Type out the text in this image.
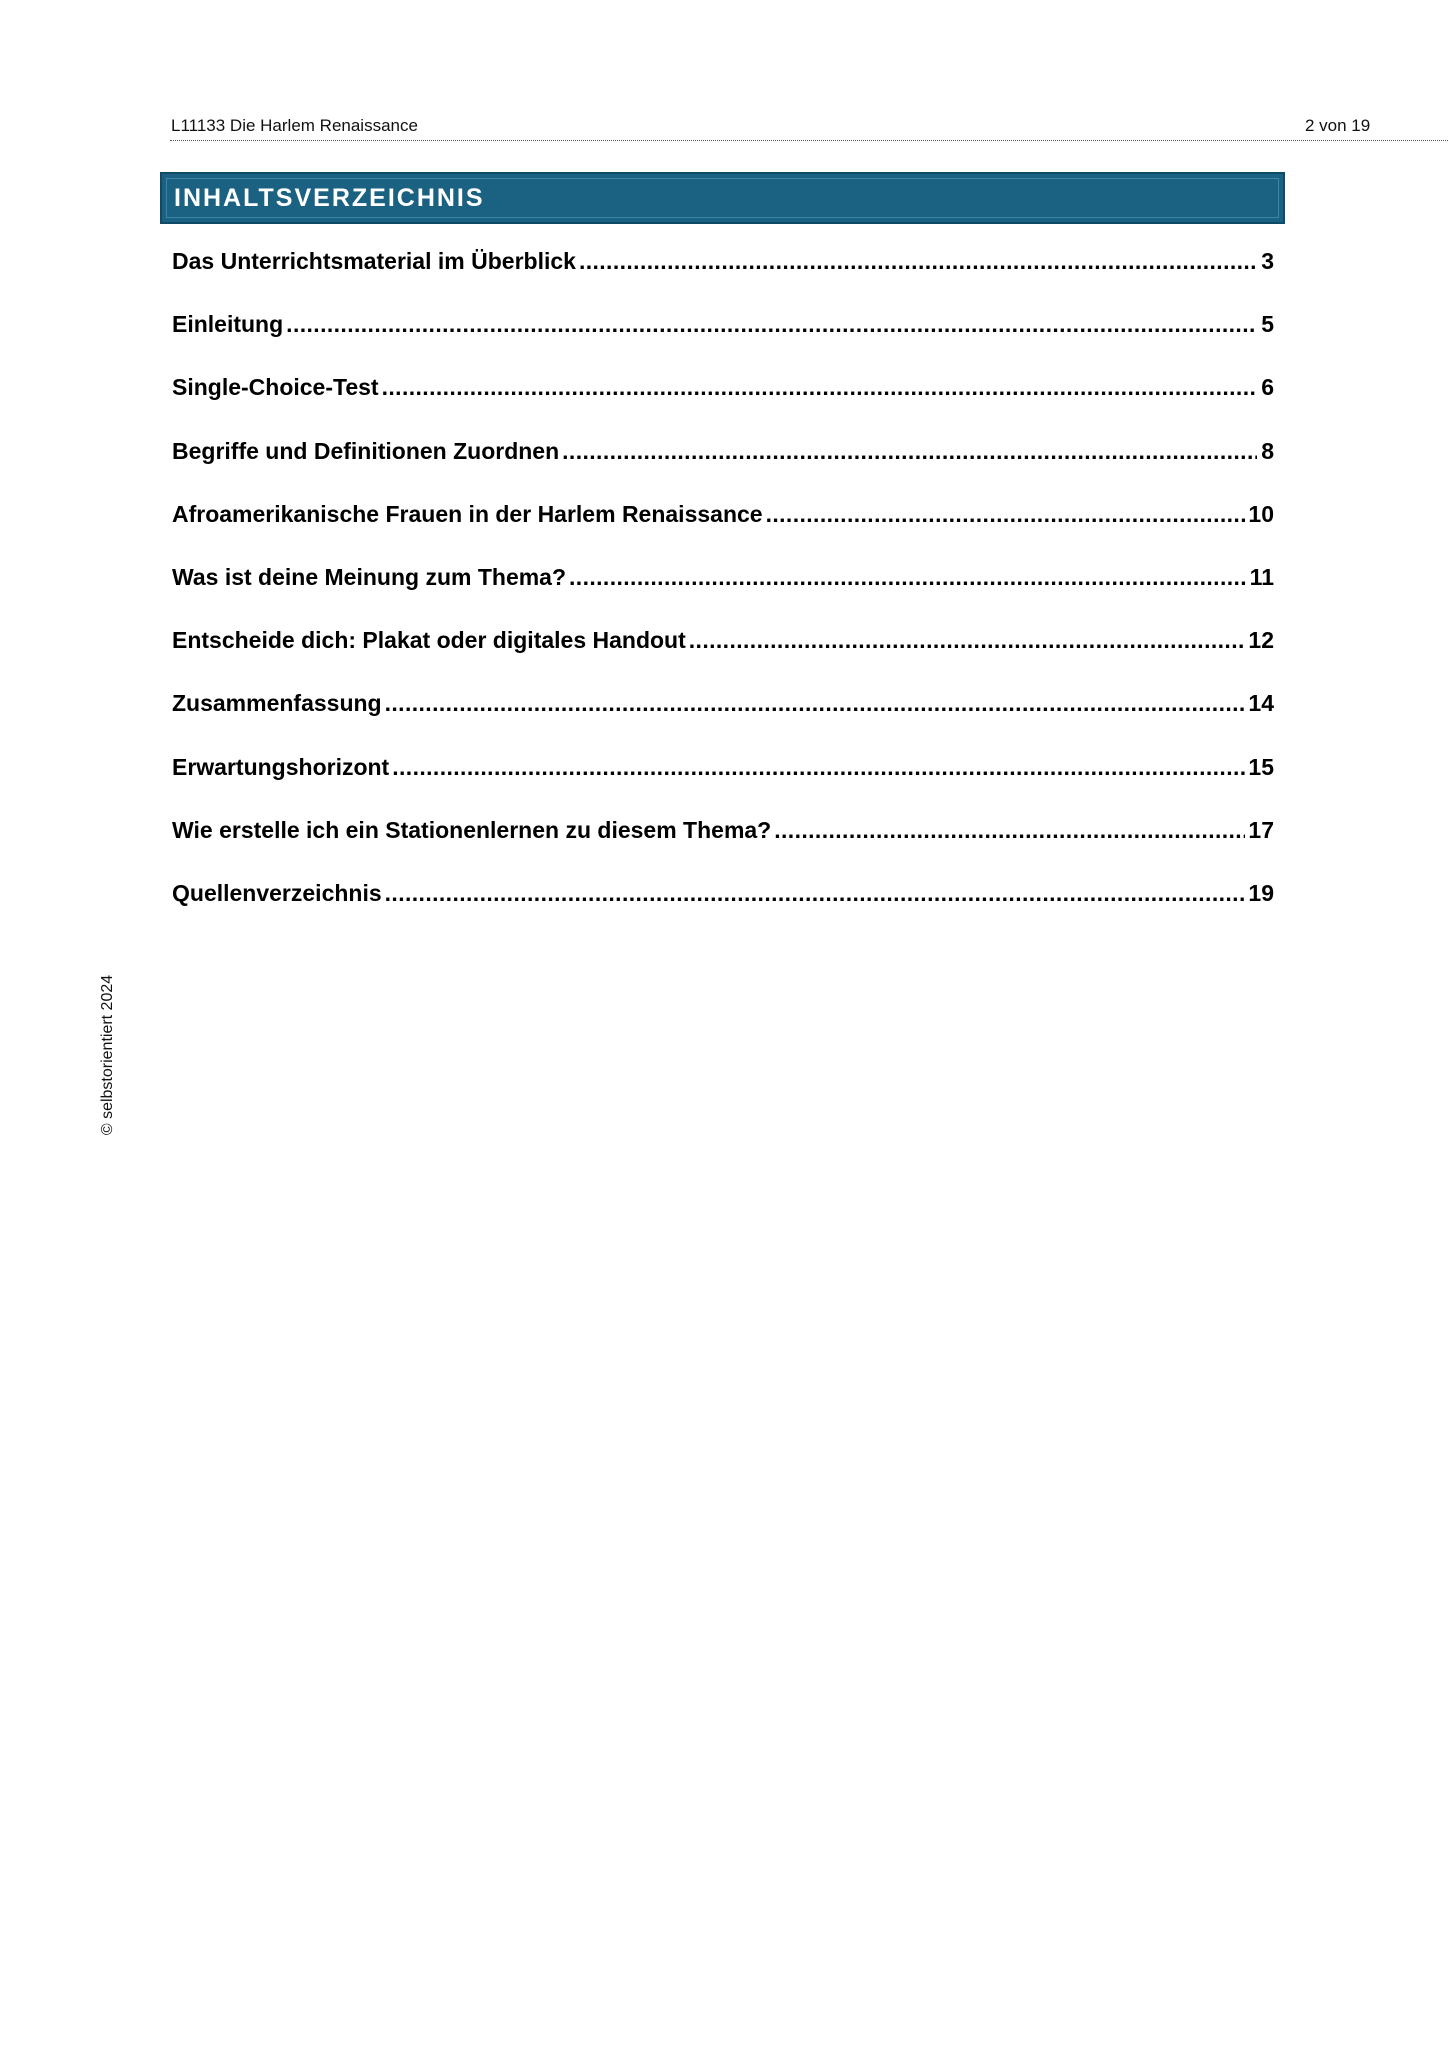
L11133 Die Harlem Renaissance	2 von 19
INHALTSVERZEICHNIS
Das Unterrichtsmaterial im Überblick . . .	3
Einleitung . . .	5
Single-Choice-Test . . .	6
Begriffe und Definitionen Zuordnen . . .	8
Afroamerikanische Frauen in der Harlem Renaissance . . .	10
Was ist deine Meinung zum Thema? . . .	11
Entscheide dich: Plakat oder digitales Handout . . .	12
Zusammenfassung . . .	14
Erwartungshorizont . . .	15
Wie erstelle ich ein Stationenlernen zu diesem Thema? . . .	17
Quellenverzeichnis . . .	19
© selbstorientiert 2024
